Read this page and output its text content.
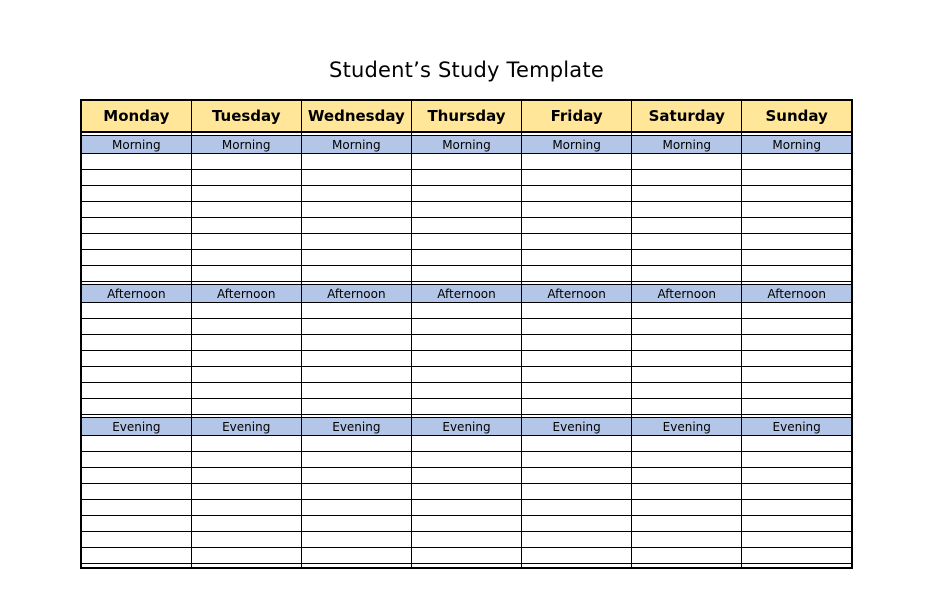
Student’s Study Template
Monday	Tuesday	Wednesday	Thursday	Friday	Saturday	Sunday

Morning	Morning	Morning	Morning	Morning	Morning	Morning

Afternoon	Afternoon	Afternoon	Afternoon	Afternoon	Afternoon	Afternoon

Evening	Evening	Evening	Evening	Evening	Evening	Evening
